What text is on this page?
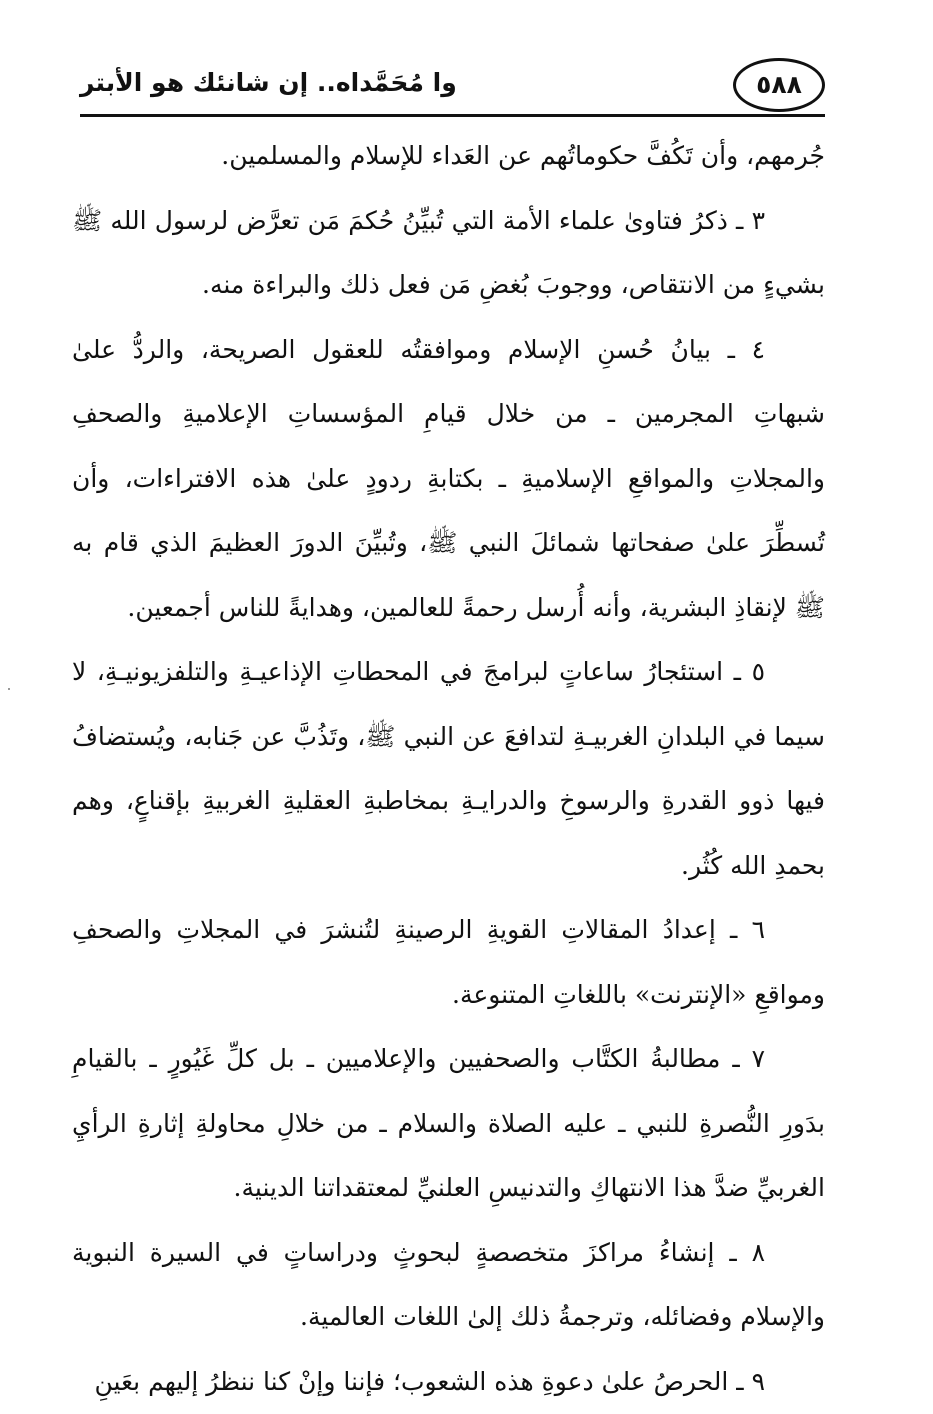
وا مُحَمَّداه.. إن شانئك هو الأبتر	٥٨٨

جُرمهم، وأن تَكُفَّ حكوماتُهم عن العَداء للإسلام والمسلمين.

٣ ـ ذكرُ فتاوىٰ علماء الأمة التي تُبيِّنُ حُكمَ مَن تعرَّض لرسول الله ﷺ بشيءٍ من الانتقاص، ووجوبَ بُغضِ مَن فعل ذلك والبراءة منه.

٤ ـ بيانُ حُسنِ الإسلام وموافقتُه للعقول الصريحة، والردُّ علىٰ شبهاتِ المجرمين ـ من خلال قيامِ المؤسساتِ الإعلاميةِ والصحفِ والمجلاتِ والمواقعِ الإسلاميةِ ـ بكتابةِ ردودٍ علىٰ هذه الافتراءات، وأن تُسطِّرَ علىٰ صفحاتها شمائلَ النبي ﷺ، وتُبيِّنَ الدورَ العظيمَ الذي قام به ﷺ لإنقاذِ البشرية، وأنه أُرسل رحمةً للعالمين، وهدايةً للناس أجمعين.

٥ ـ استئجارُ ساعاتٍ لبرامجَ في المحطاتِ الإذاعيـةِ والتلفزيونيـةِ، لا سيما في البلدانِ الغربيـةِ لتدافعَ عن النبي ﷺ، وتَذُبَّ عن جَنابه، ويُستضافُ فيها ذوو القدرةِ والرسوخِ والدرايـةِ بمخاطبةِ العقليةِ الغربيةِ بإقناعٍ، وهم بحمدِ الله كُثُر.

٦ ـ إعدادُ المقالاتِ القويةِ الرصينةِ لتُنشرَ في المجلاتِ والصحفِ ومواقعِ «الإنترنت» باللغاتِ المتنوعة.

٧ ـ مطالبةُ الكتَّاب والصحفيين والإعلاميين ـ بل كلِّ غَيُورٍ ـ بالقيامِ بدَورِ النُّصرةِ للنبي ـ عليه الصلاة والسلام ـ من خلالِ محاولةِ إثارةِ الرأيِ الغربيِّ ضدَّ هذا الانتهاكِ والتدنيسِ العلنيِّ لمعتقداتنا الدينية.

٨ ـ إنشاءُ مراكزَ متخصصةٍ لبحوثٍ ودراساتٍ في السيرة النبوية والإسلام وفضائله، وترجمةُ ذلك إلىٰ اللغات العالمية.

٩ ـ الحرصُ علىٰ دعوةِ هذه الشعوب؛ فإننا وإنْ كنا ننظرُ إليهم بعَينِ
